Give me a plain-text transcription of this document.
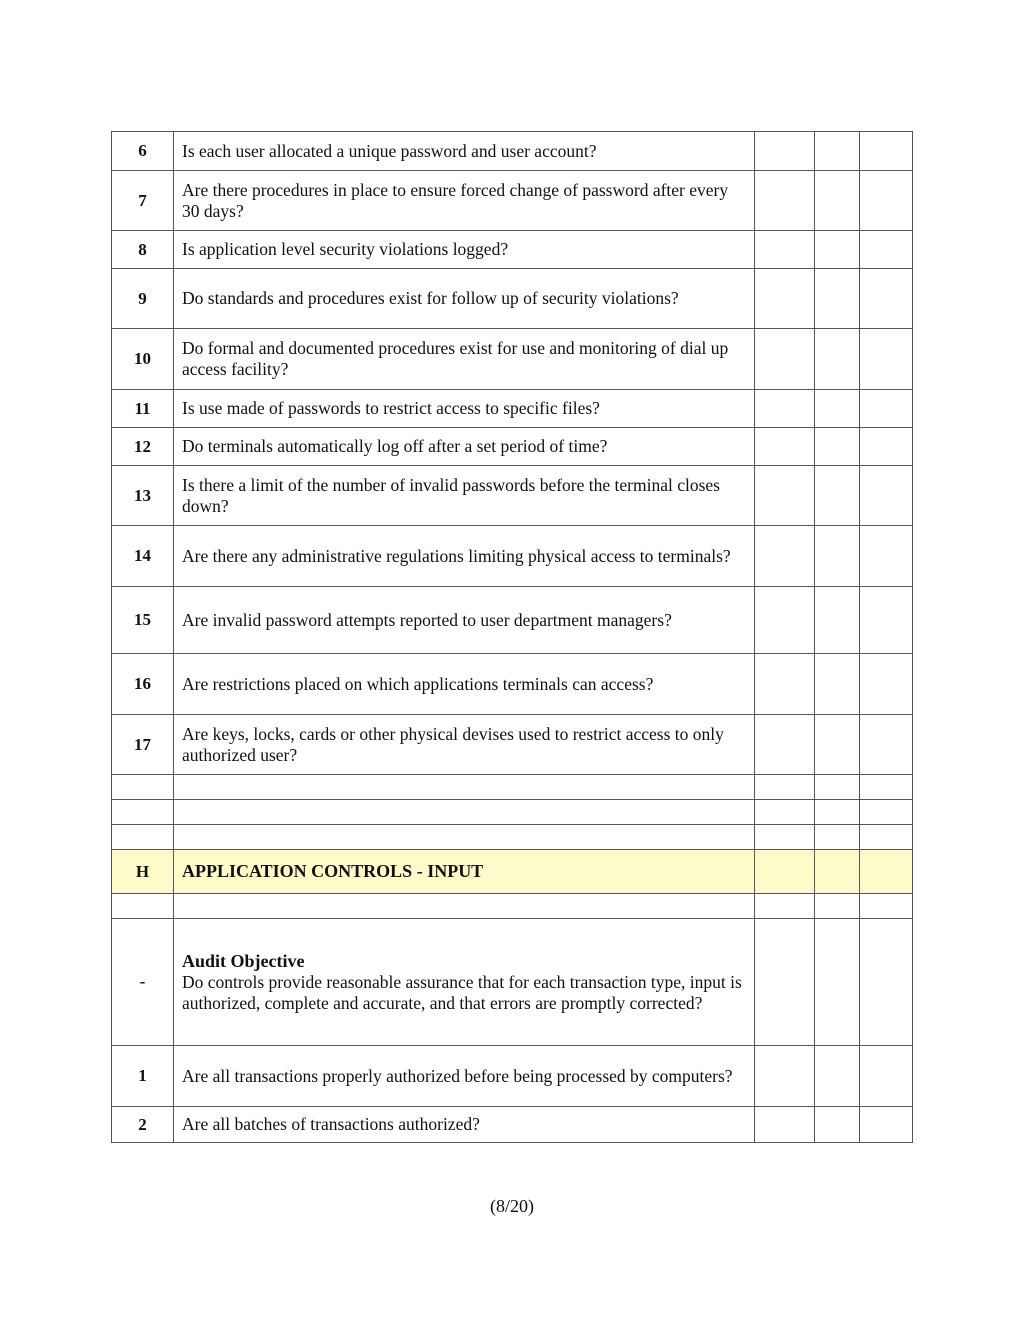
6	Is each user allocated a unique password and user account?			
7	Are there procedures in place to ensure forced change of password after every 30 days?			
8	Is application level security violations logged?			
9	Do standards and procedures exist for follow up of security violations?			
10	Do formal and documented procedures exist for use and monitoring of dial up access facility?			
11	Is use made of passwords to restrict access to specific files?			
12	Do terminals automatically log off after a set period of time?			
13	Is there a limit of the number of invalid passwords before the terminal closes down?			
14	Are there any administrative regulations limiting physical access to terminals?			
15	Are invalid password attempts reported to user department managers?			
16	Are restrictions placed on which applications terminals can access?			
17	Are keys, locks, cards or other physical devises used to restrict access to only authorized user?			

H	APPLICATION CONTROLS - INPUT			

-	Audit Objective
Do controls provide reasonable assurance that for each transaction type, input is authorized, complete and accurate, and that errors are promptly corrected?			
1	Are all transactions properly authorized before being processed by computers?			
2	Are all batches of transactions authorized?			
(8/20)
